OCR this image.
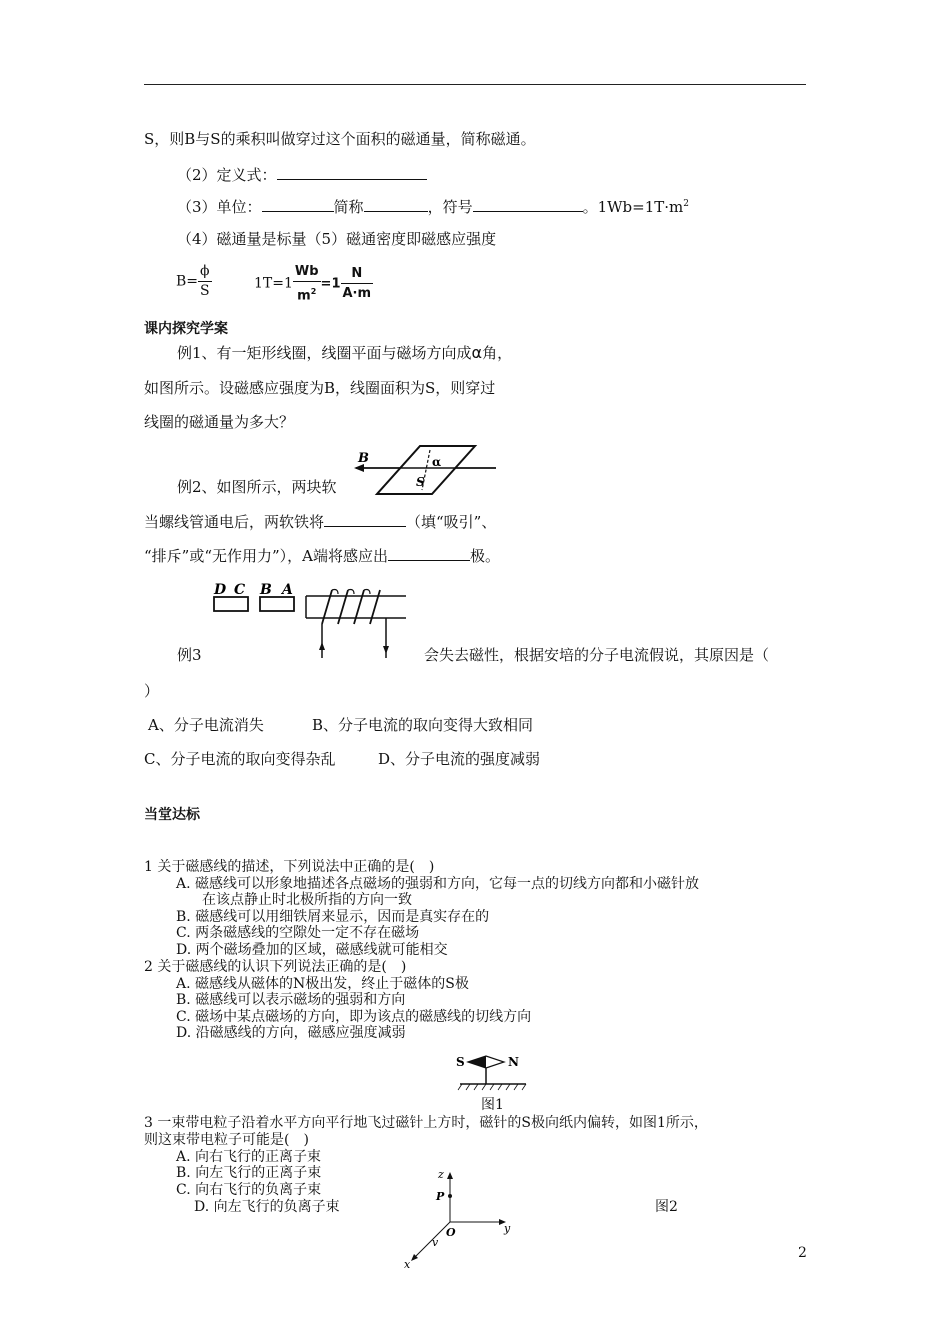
S，则B与S的乘积叫做穿过这个面积的磁通量，简称磁通。
（2）定义式：
（3）单位：	简称	，符号	。$1Wb=1T\cdot m^2$
（4）磁通量是标量（5）磁通密度即磁感应强度
$B= \frac{\phi}{S}$	$1T=1 \frac{Wb}{m^2} =1 \frac{N}{A\cdot m}$
课内探究学案
例1、有一矩形线圈，线圈平面与磁场方向成α角，
如图所示。设磁感应强度为B，线圈面积为S，则穿过
线圈的磁通量为多大？
B	α
S
例2、如图所示，两块软
当螺线管通电后，两软铁将	（填“吸引”、
“排斥”或“无作用力”），A端将感应出	极。
D C B A
例3	会失去磁性，根据安培的分子电流假说，其原因是（
）
A、分子电流消失	B、分子电流的取向变得大致相同
C、分子电流的取向变得杂乱	D、分子电流的强度减弱
当堂达标
1 关于磁感线的描述，下列说法中正确的是(　)
A. 磁感线可以形象地描述各点磁场的强弱和方向，它每一点的切线方向都和小磁针放
在该点静止时北极所指的方向一致
B. 磁感线可以用细铁屑来显示，因而是真实存在的
C. 两条磁感线的空隙处一定不存在磁场
D. 两个磁场叠加的区域，磁感线就可能相交
2 关于磁感线的认识下列说法正确的是(　)
A. 磁感线从磁体的N极出发，终止于磁体的S极
B. 磁感线可以表示磁场的强弱和方向
C. 磁场中某点磁场的方向，即为该点的磁感线的切线方向
D. 沿磁感线的方向，磁感应强度减弱
S	N
图1
3 一束带电粒子沿着水平方向平行地飞过磁针上方时，磁针的S极向纸内偏转，如图1所示，
则这束带电粒子可能是(　)
A. 向右飞行的正离子束
B. 向左飞行的正离子束
C. 向右飞行的负离子束
D. 向左飞行的负离子束	图2
z
P
O	y
v
x
2
